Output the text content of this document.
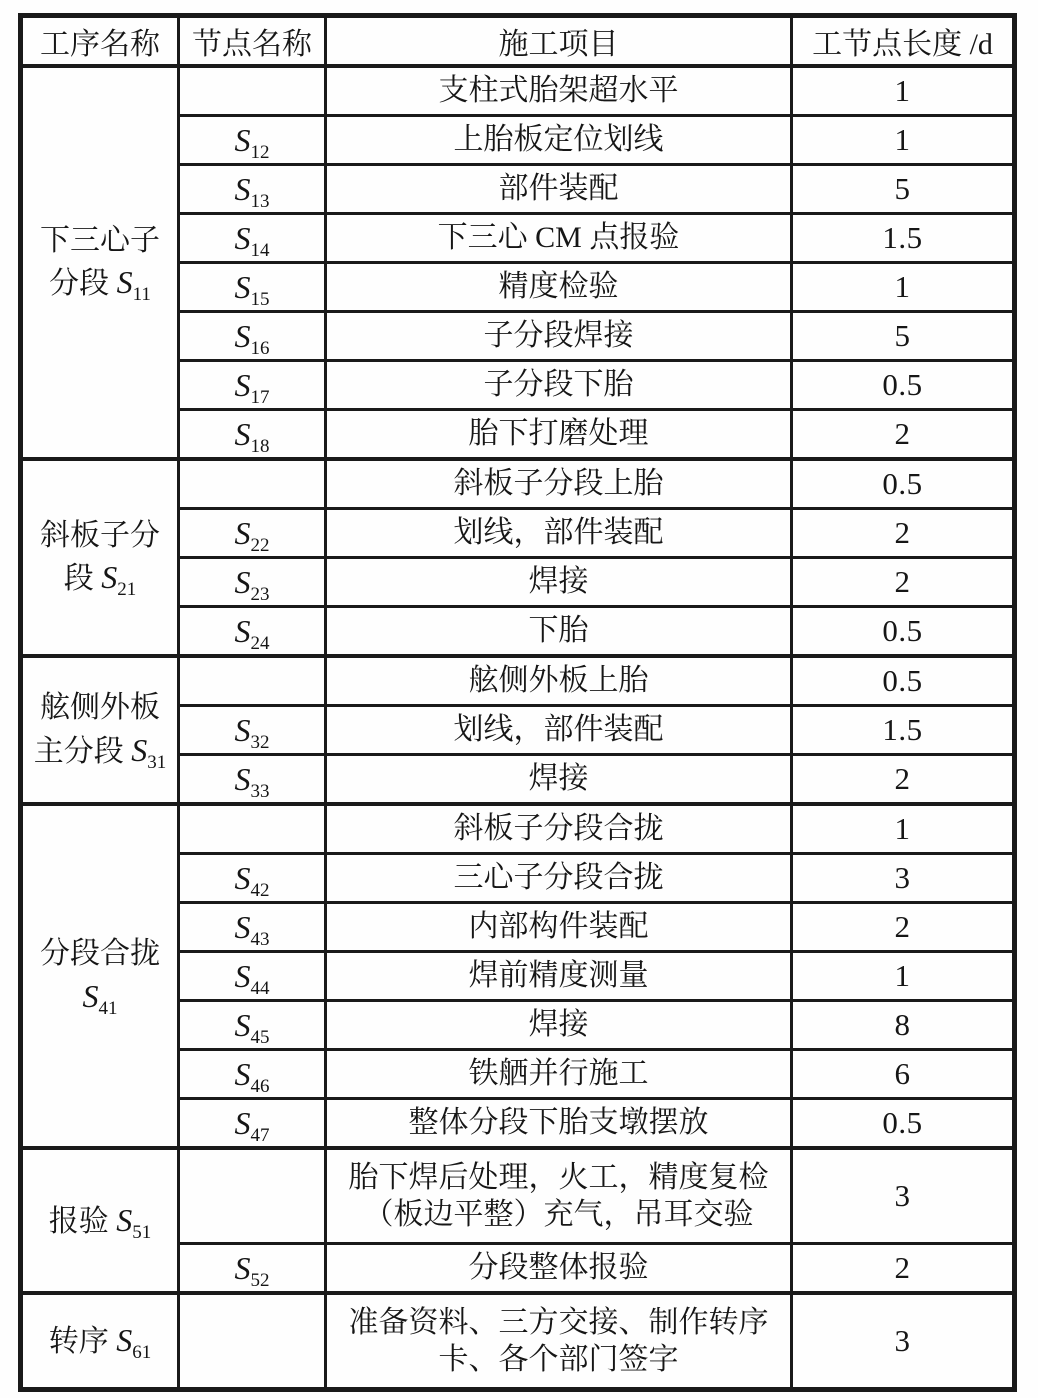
工序名称	节点名称	施工项目	工节点长度 /d
下三心子
分段 $S_{11}$		支柱式胎架超水平	1
	$S_{12}$	上胎板定位划线	1
	$S_{13}$	部件装配	5
	$S_{14}$	下三心 CM 点报验	1.5
	$S_{15}$	精度检验	1
	$S_{16}$	子分段焊接	5
	$S_{17}$	子分段下胎	0.5
	$S_{18}$	胎下打磨处理	2
斜板子分
段 $S_{21}$		斜板子分段上胎	0.5
	$S_{22}$	划线，部件装配	2
	$S_{23}$	焊接	2
	$S_{24}$	下胎	0.5
舷侧外板
主分段 $S_{31}$		舷侧外板上胎	0.5
	$S_{32}$	划线，部件装配	1.5
	$S_{33}$	焊接	2
分段合拢
$S_{41}$		斜板子分段合拢	1
	$S_{42}$	三心子分段合拢	3
	$S_{43}$	内部构件装配	2
	$S_{44}$	焊前精度测量	1
	$S_{45}$	焊接	8
	$S_{46}$	铁舾并行施工	6
	$S_{47}$	整体分段下胎支墩摆放	0.5
报验 $S_{51}$		胎下焊后处理，火工，精度复检
（板边平整）充气，吊耳交验	3
	$S_{52}$	分段整体报验	2
转序 $S_{61}$		准备资料、三方交接、制作转序
卡、各个部门签字	3
